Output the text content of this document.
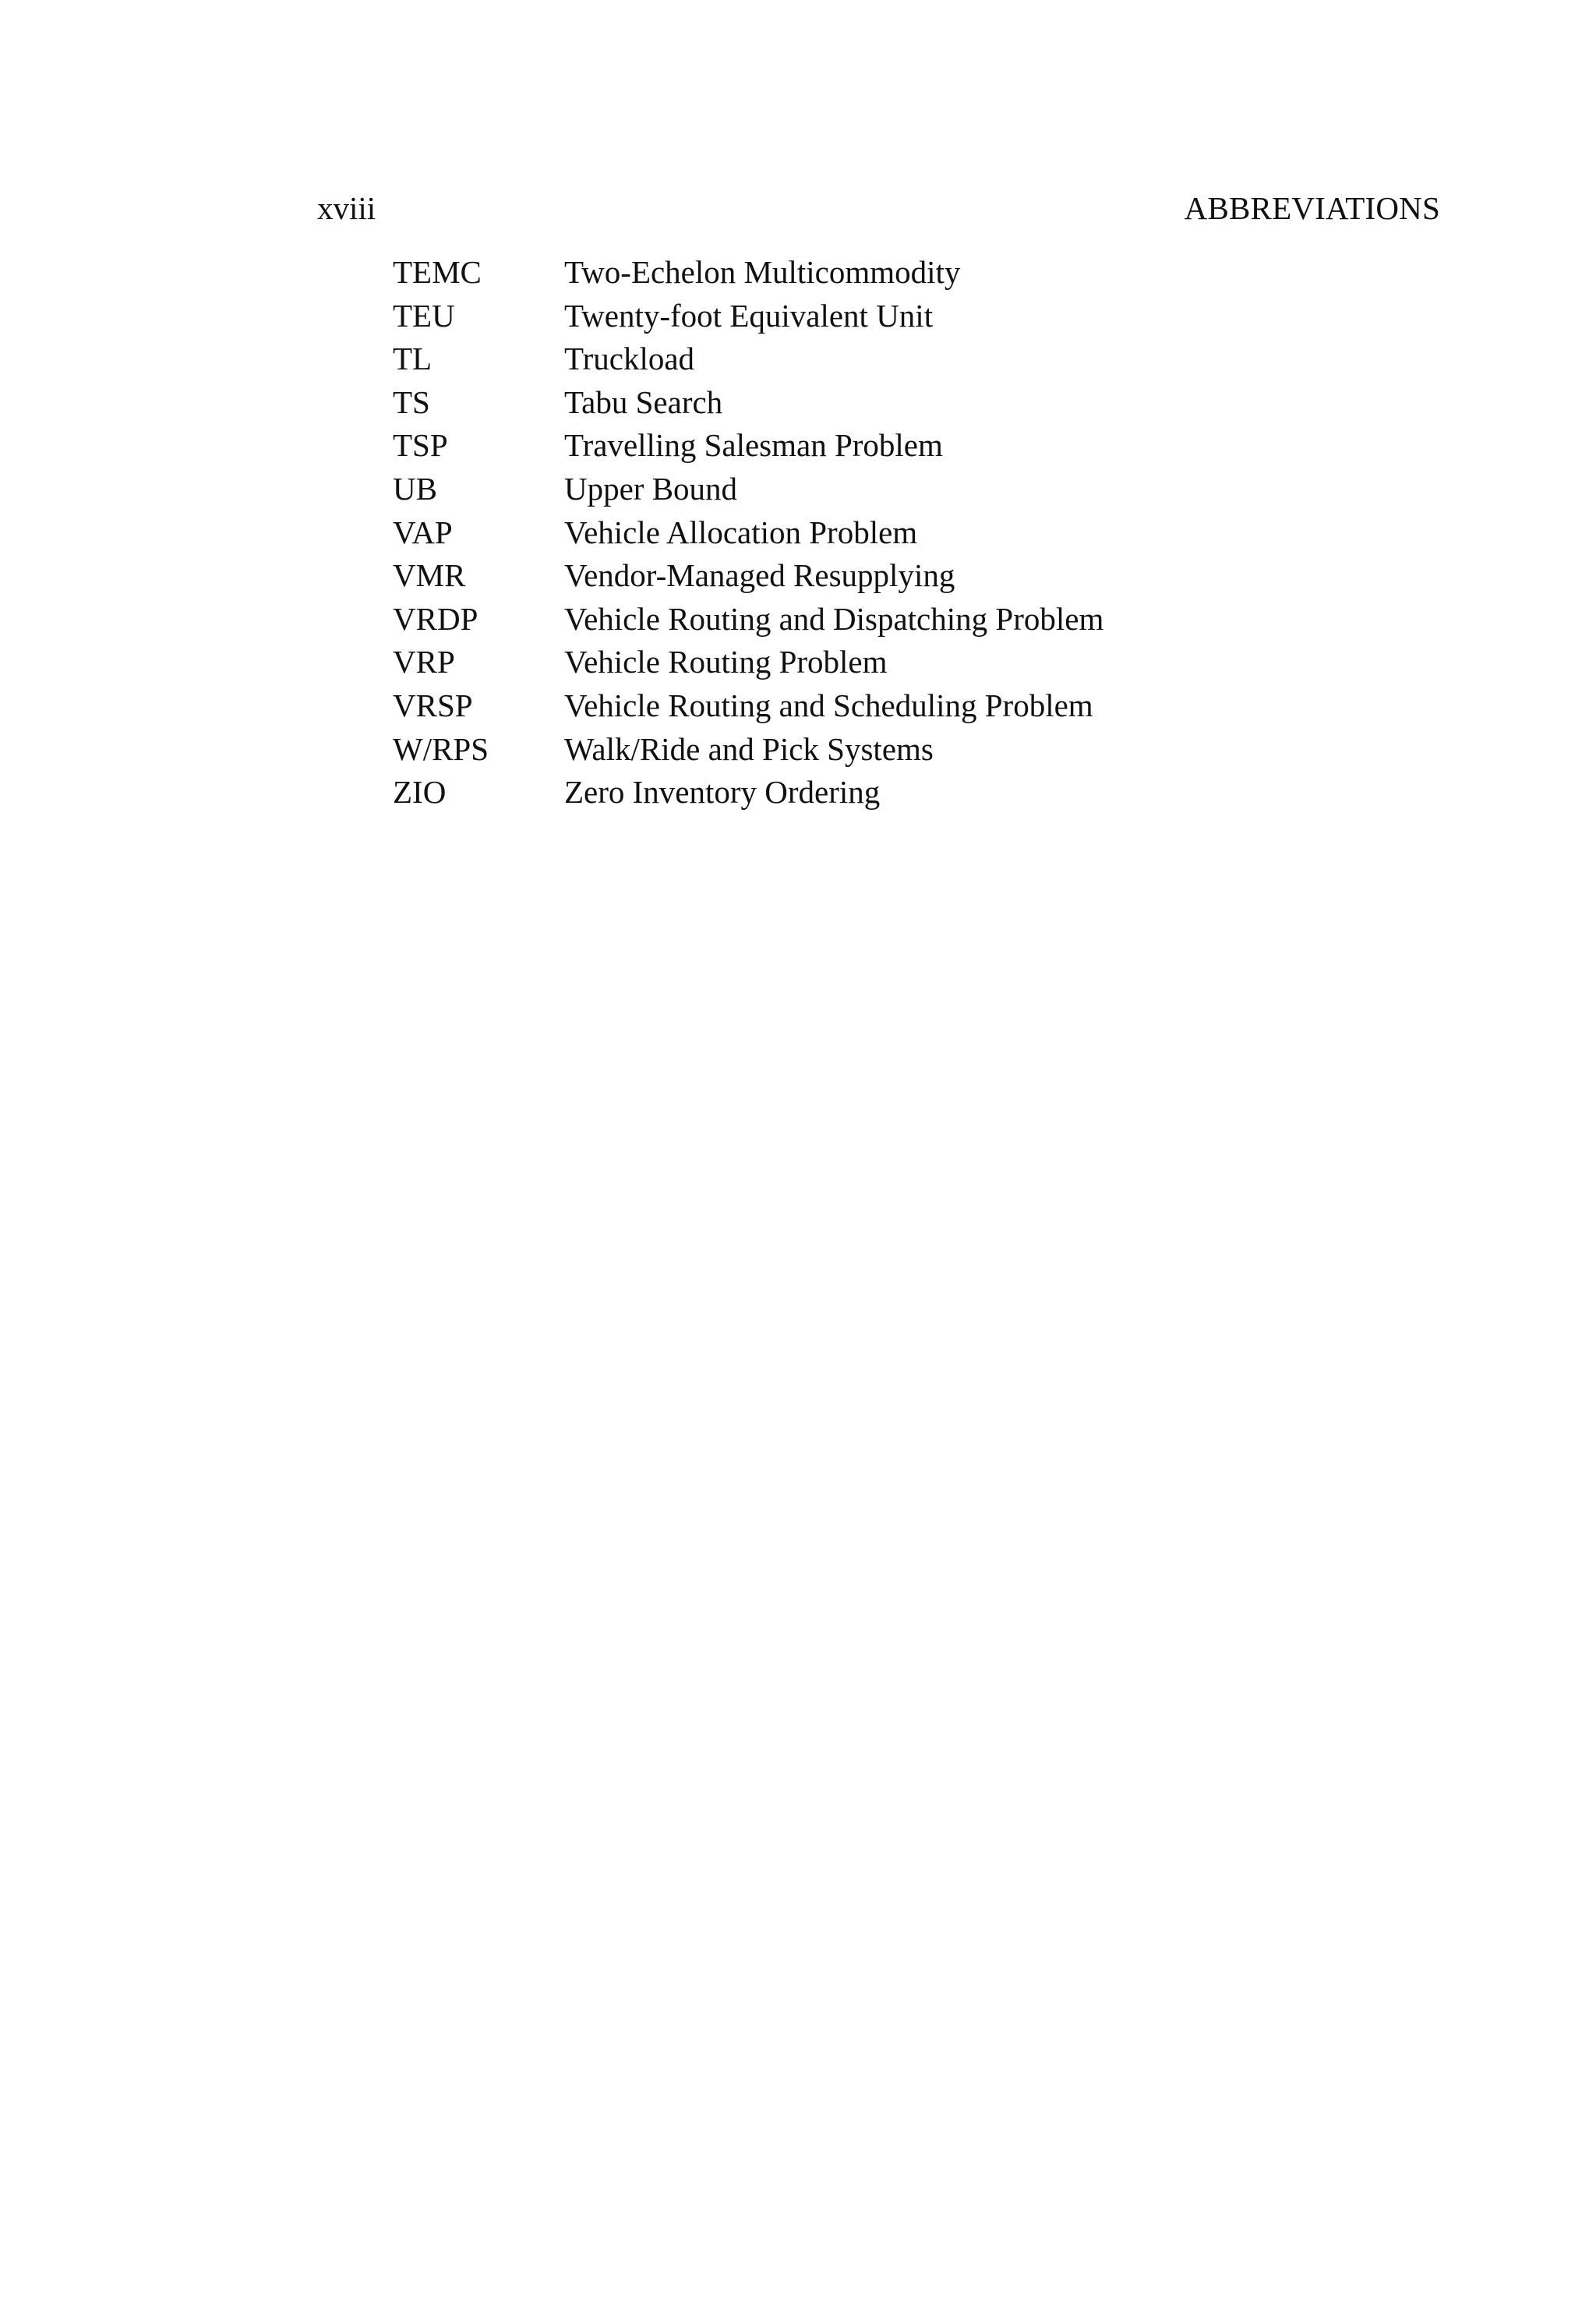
xviii	ABBREVIATIONS
TEMC	Two-Echelon Multicommodity
TEU	Twenty-foot Equivalent Unit
TL	Truckload
TS	Tabu Search
TSP	Travelling Salesman Problem
UB	Upper Bound
VAP	Vehicle Allocation Problem
VMR	Vendor-Managed Resupplying
VRDP	Vehicle Routing and Dispatching Problem
VRP	Vehicle Routing Problem
VRSP	Vehicle Routing and Scheduling Problem
W/RPS	Walk/Ride and Pick Systems
ZIO	Zero Inventory Ordering
